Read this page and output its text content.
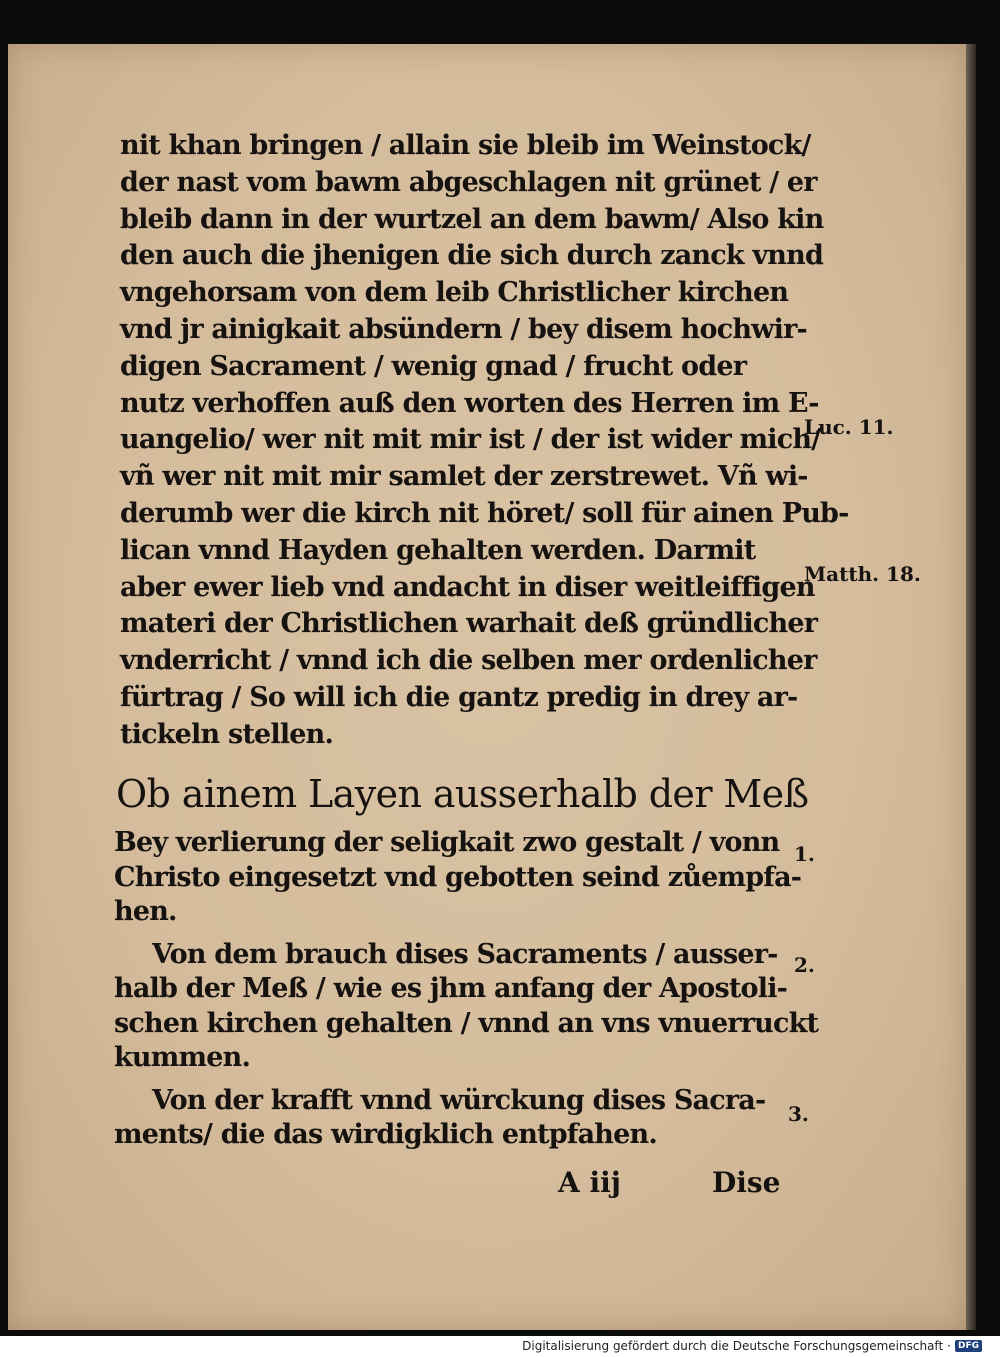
nit khan bringen / allain sie bleib im Weinstock/
der nast vom bawm abgeschlagen nit grünet / er
bleib dann in der wurtzel an dem bawm/ Also kin
den auch die jhenigen die sich durch zanck vnnd
vngehorsam von dem leib Christlicher kirchen
vnd jr ainigkait absündern / bey disem hochwir-
digen Sacrament / wenig gnad / frucht oder
nutz verhoffen auß den worten des Herren im E-
uangelio/ wer nit mit mir ist / der ist wider mich/
vñ wer nit mit mir samlet der zerstrewet. Vñ wi-
derumb wer die kirch nit höret/ soll für ainen Pub-
lican vnnd Hayden gehalten werden. Darmit
aber ewer lieb vnd andacht in diser weitleiffigen
materi der Christlichen warhait deß gründlicher
vnderricht / vnnd ich die selben mer ordenlicher
fürtrag / So will ich die gantz predig in drey ar-
tickeln stellen.
Luc. 11.
Matth. 18.
Ob ainem Layen ausserhalb der Meß
Bey verlierung der seligkait zwo gestalt / vonn
Christo eingesetzt vnd gebotten seind zůempfa-
hen.
Von dem brauch dises Sacraments / ausser-
halb der Meß / wie es jhm anfang der Apostoli-
schen kirchen gehalten / vnnd an vns vnuerruckt
kummen.
Von der krafft vnnd würckung dises Sacra-
ments/ die das wirdigklich entpfahen.
1.
2.
3.
A iij	Dise
Digitalisierung gefördert durch die Deutsche Forschungsgemeinschaft · DFG
